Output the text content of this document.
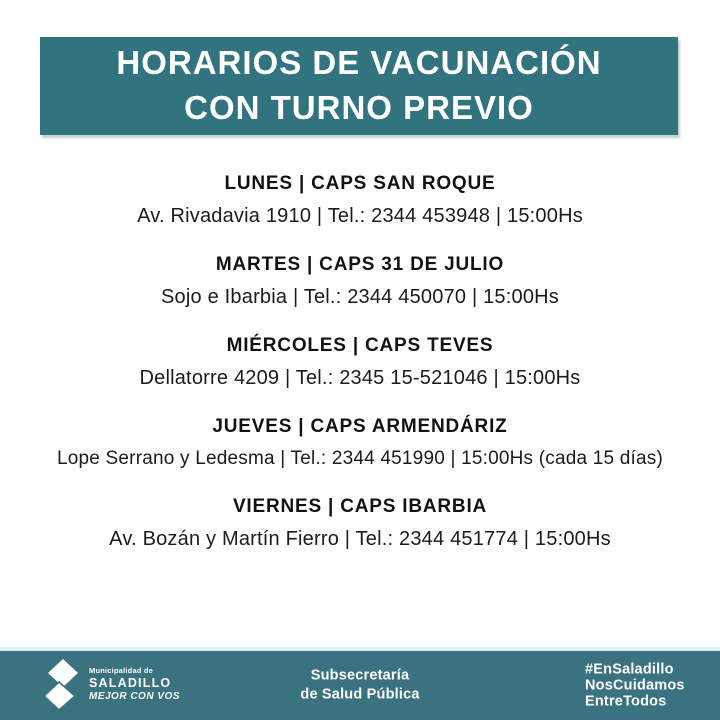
HORARIOS DE VACUNACIÓN
CON TURNO PREVIO
LUNES | CAPS SAN ROQUE

Av. Rivadavia 1910 | Tel.: 2344 453948 | 15:00Hs

MARTES | CAPS 31 DE JULIO

Sojo e Ibarbia | Tel.: 2344 450070 | 15:00Hs

MIÉRCOLES | CAPS TEVES

Dellatorre 4209 | Tel.: 2345 15-521046 | 15:00Hs

JUEVES | CAPS ARMENDÁRIZ

Lope Serrano y Ledesma | Tel.: 2344 451990 | 15:00Hs (cada 15 días)

VIERNES | CAPS IBARBIA

Av. Bozán y Martín Fierro | Tel.: 2344 451774 | 15:00Hs

Municipalidad de
SALADILLO
MEJOR CON VOS
Subsecretaría
de Salud Pública
#EnSaladillo
NosCuidamos
EntreTodos
